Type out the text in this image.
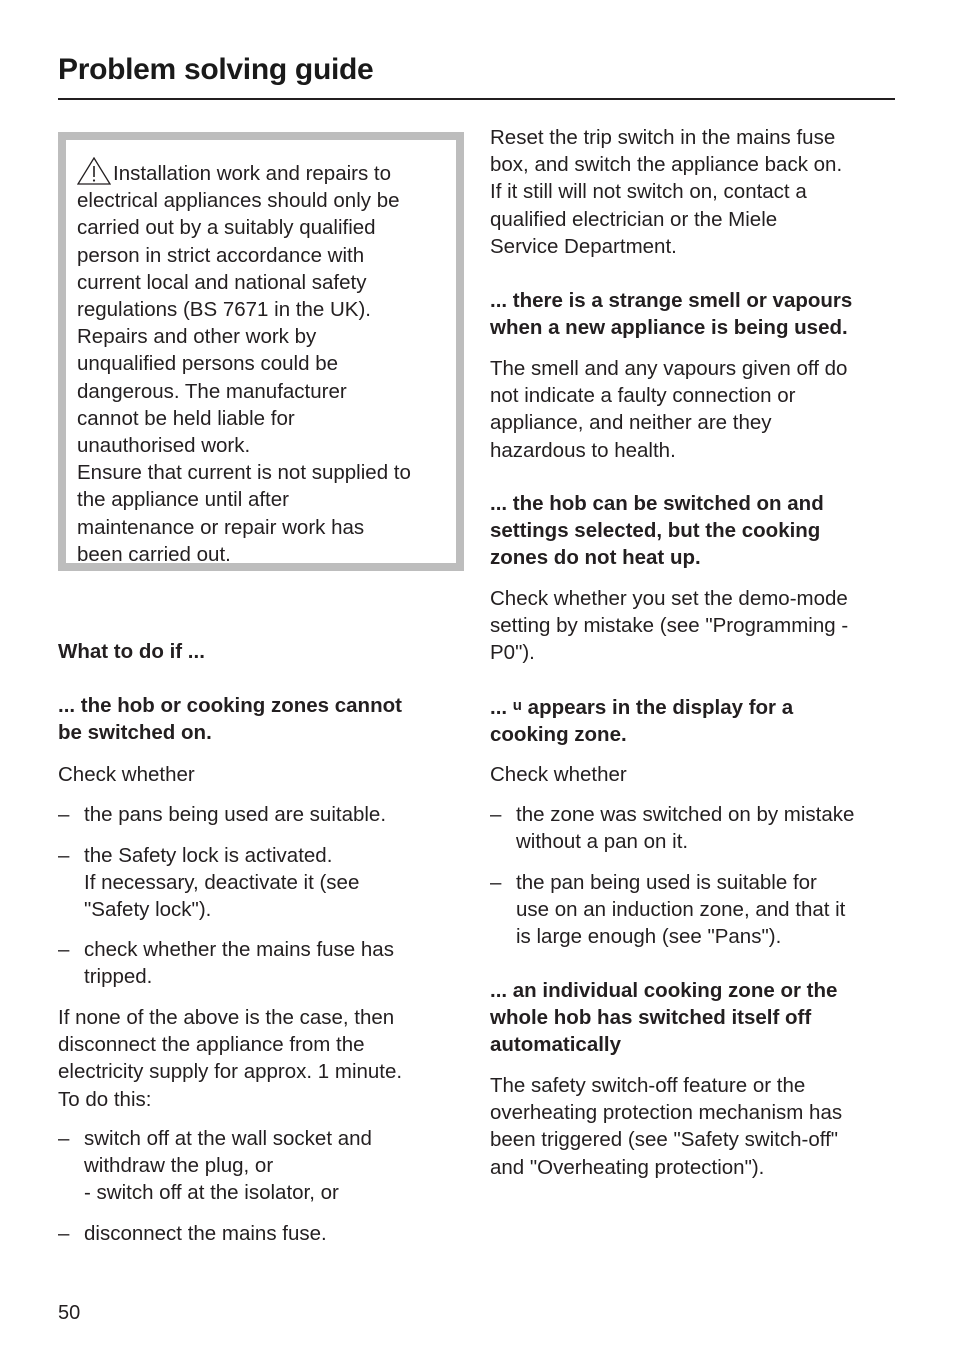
Problem solving guide
Installation work and repairs to
electrical appliances should only be
carried out by a suitably qualified
person in strict accordance with
current local and national safety
regulations (BS 7671 in the UK).
Repairs and other work by
unqualified persons could be
dangerous. The manufacturer
cannot be held liable for
unauthorised work.
Ensure that current is not supplied to
the appliance until after
maintenance or repair work has
been carried out.
What to do if ...
... the hob or cooking zones cannot
be switched on.
Check whether
– the pans being used are suitable.
– the Safety lock is activated.
If necessary, deactivate it (see
"Safety lock").
– check whether the mains fuse has
tripped.
If none of the above is the case, then
disconnect the appliance from the
electricity supply for approx. 1 minute.
To do this:
– switch off at the wall socket and
withdraw the plug, or
- switch off at the isolator, or
– disconnect the mains fuse.
Reset the trip switch in the mains fuse
box, and switch the appliance back on.
If it still will not switch on, contact a
qualified electrician or the Miele
Service Department.
... there is a strange smell or vapours
when a new appliance is being used.
The smell and any vapours given off do
not indicate a faulty connection or
appliance, and neither are they
hazardous to health.
... the hob can be switched on and
settings selected, but the cooking
zones do not heat up.
Check whether you set the demo-mode
setting by mistake (see "Programming -
P0").
... u appears in the display for a
cooking zone.
Check whether
– the zone was switched on by mistake
without a pan on it.
– the pan being used is suitable for
use on an induction zone, and that it
is large enough (see "Pans").
... an individual cooking zone or the
whole hob has switched itself off
automatically
The safety switch-off feature or the
overheating protection mechanism has
been triggered (see "Safety switch-off"
and "Overheating protection").
50
